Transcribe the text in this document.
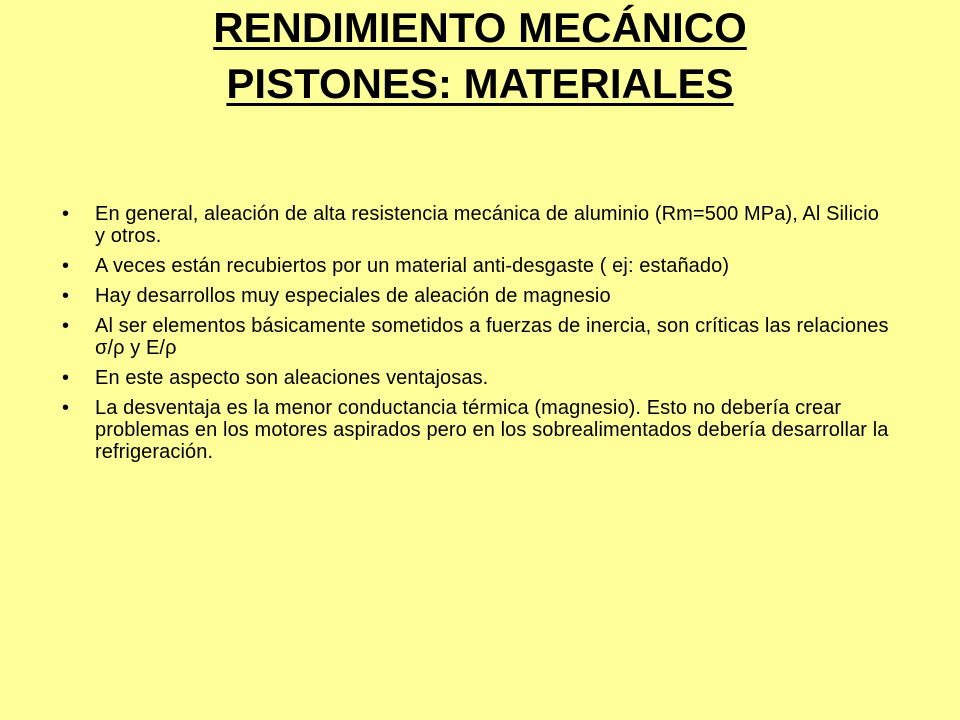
RENDIMIENTO MECÁNICO
PISTONES: MATERIALES
• En general, aleación de alta resistencia mecánica de aluminio (Rm=500 MPa), Al Silicio y otros.
• A veces están recubiertos por un material anti-desgaste ( ej: estañado)
• Hay desarrollos muy especiales de aleación de magnesio
• Al ser elementos básicamente sometidos a fuerzas de inercia, son críticas las relaciones σ/ρ y E/ρ
• En este aspecto son aleaciones ventajosas.
• La desventaja es la menor conductancia térmica (magnesio). Esto no debería crear problemas en los motores aspirados pero en los sobrealimentados debería desarrollar la refrigeración.
